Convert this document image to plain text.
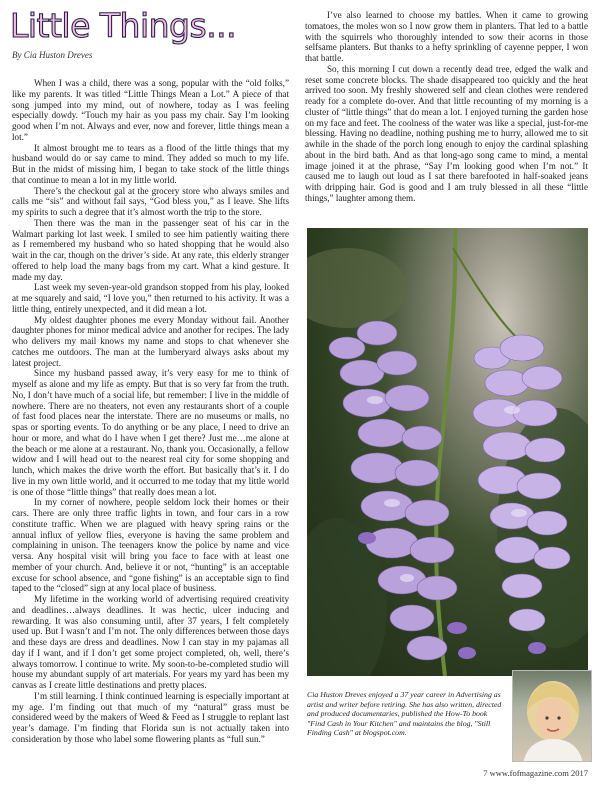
Little Things...
By Cia Huston Dreves

When I was a child, there was a song, popular with the “old folks,” like my parents. It was titled “Little Things Mean a Lot.” A piece of that song jumped into my mind, out of nowhere, today as I was feeling especially dowdy. “Touch my hair as you pass my chair. Say I’m looking good when I’m not. Always and ever, now and forever, little things mean a lot.”

It almost brought me to tears as a flood of the little things that my husband would do or say came to mind. They added so much to my life. But in the midst of missing him, I began to take stock of the little things that continue to mean a lot in my little world.

There’s the checkout gal at the grocery store who always smiles and calls me “sis” and without fail says, “God bless you,” as I leave. She lifts my spirits to such a degree that it’s almost worth the trip to the store.

Then there was the man in the passenger seat of his car in the Walmart parking lot last week. I smiled to see him patiently waiting there as I remembered my husband who so hated shopping that he would also wait in the car, though on the driver’s side. At any rate, this elderly stranger offered to help load the many bags from my cart. What a kind gesture. It made my day.

Last week my seven-year-old grandson stopped from his play, looked at me squarely and said, “I love you,” then returned to his activity. It was a little thing, entirely unexpected, and it did mean a lot.

My oldest daughter phones me every Monday without fail. Another daughter phones for minor medical advice and another for recipes. The lady who delivers my mail knows my name and stops to chat whenever she catches me outdoors. The man at the lumberyard always asks about my latest project.

Since my husband passed away, it’s very easy for me to think of myself as alone and my life as empty. But that is so very far from the truth. No, I don’t have much of a social life, but remember: I live in the middle of nowhere. There are no theaters, not even any restaurants short of a couple of fast food places near the interstate. There are no museums or malls, no spas or sporting events. To do anything or be any place, I need to drive an hour or more, and what do I have when I get there? Just me…me alone at the beach or me alone at a restaurant. No, thank you. Occasionally, a fellow widow and I will head out to the nearest real city for some shopping and lunch, which makes the drive worth the effort. But basically that’s it. I do live in my own little world, and it occurred to me today that my little world is one of those “little things” that really does mean a lot.

In my corner of nowhere, people seldom lock their homes or their cars. There are only three traffic lights in town, and four cars in a row constitute traffic. When we are plagued with heavy spring rains or the annual influx of yellow flies, everyone is having the same problem and complaining in unison. The teenagers know the police by name and vice versa. Any hospital visit will bring you face to face with at least one member of your church. And, believe it or not, “hunting” is an acceptable excuse for school absence, and “gone fishing” is an acceptable sign to find taped to the “closed” sign at any local place of business.

My lifetime in the working world of advertising required creativity and deadlines…always deadlines. It was hectic, ulcer inducing and rewarding. It was also consuming until, after 37 years, I felt completely used up. But I wasn’t and I’m not. The only differences between those days and these days are dress and deadlines. Now I can stay in my pajamas all day if I want, and if I don’t get some project completed, oh, well, there’s always tomorrow. I continue to write. My soon-to-be-completed studio will house my abundant supply of art materials. For years my yard has been my canvas as I create little destinations and pretty places.

I’m still learning. I think continued learning is especially important at my age. I’m finding out that much of my “natural” grass must be considered weed by the makers of Weed & Feed as I struggle to replant last year’s damage. I’m finding that Florida sun is not actually taken into consideration by those who label some flowering plants as “full sun.”

I’ve also learned to choose my battles. When it came to growing tomatoes, the moles won so I now grow them in planters. That led to a battle with the squirrels who thoroughly intended to sow their acorns in those selfsame planters. But thanks to a hefty sprinkling of cayenne pepper, I won that battle.

So, this morning I cut down a recently dead tree, edged the walk and reset some concrete blocks. The shade disappeared too quickly and the heat arrived too soon. My freshly showered self and clean clothes were rendered ready for a complete do-over. And that little recounting of my morning is a cluster of “little things” that do mean a lot. I enjoyed turning the garden hose on my face and feet. The coolness of the water was like a special, just-for-me blessing. Having no deadline, nothing pushing me to hurry, allowed me to sit awhile in the shade of the porch long enough to enjoy the cardinal splashing about in the bird bath. And as that long-ago song came to mind, a mental image joined it at the phrase, “Say I’m looking good when I’m not.” It caused me to laugh out loud as I sat there barefooted in half-soaked jeans with dripping hair. God is good and I am truly blessed in all these “little things,” laughter among them.

Cia Huston Dreves enjoyed a 37 year career in Advertising as artist and writer before retiring. She has also written, directed and produced documentaries, published the How-To book "Find Cash in Your Kitchen" and maintains the blog, "Still Finding Cash" at blogspot.com.
7 www.fofmagazine.com 2017
